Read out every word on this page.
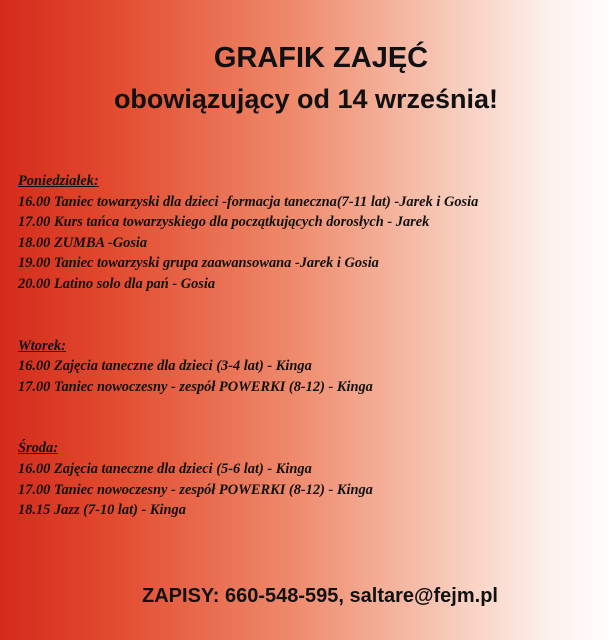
GRAFIK ZAJĘĆ
obowiązujący od 14 września!
Poniedziałek:
16.00 Taniec towarzyski dla dzieci -formacja taneczna(7-11 lat) -Jarek i Gosia
17.00 Kurs tańca towarzyskiego dla początkujących dorosłych - Jarek
18.00 ZUMBA -Gosia
19.00 Taniec towarzyski grupa zaawansowana -Jarek i Gosia
20.00 Latino solo dla pań - Gosia
Wtorek:
16.00 Zajęcia taneczne dla dzieci (3-4 lat) - Kinga
17.00 Taniec nowoczesny - zespół POWERKI (8-12) - Kinga
Środa:
16.00 Zajęcia taneczne dla dzieci (5-6 lat) - Kinga
17.00 Taniec nowoczesny - zespół POWERKI (8-12) - Kinga
18.15 Jazz (7-10 lat) - Kinga
ZAPISY: 660-548-595, saltare@fejm.pl
